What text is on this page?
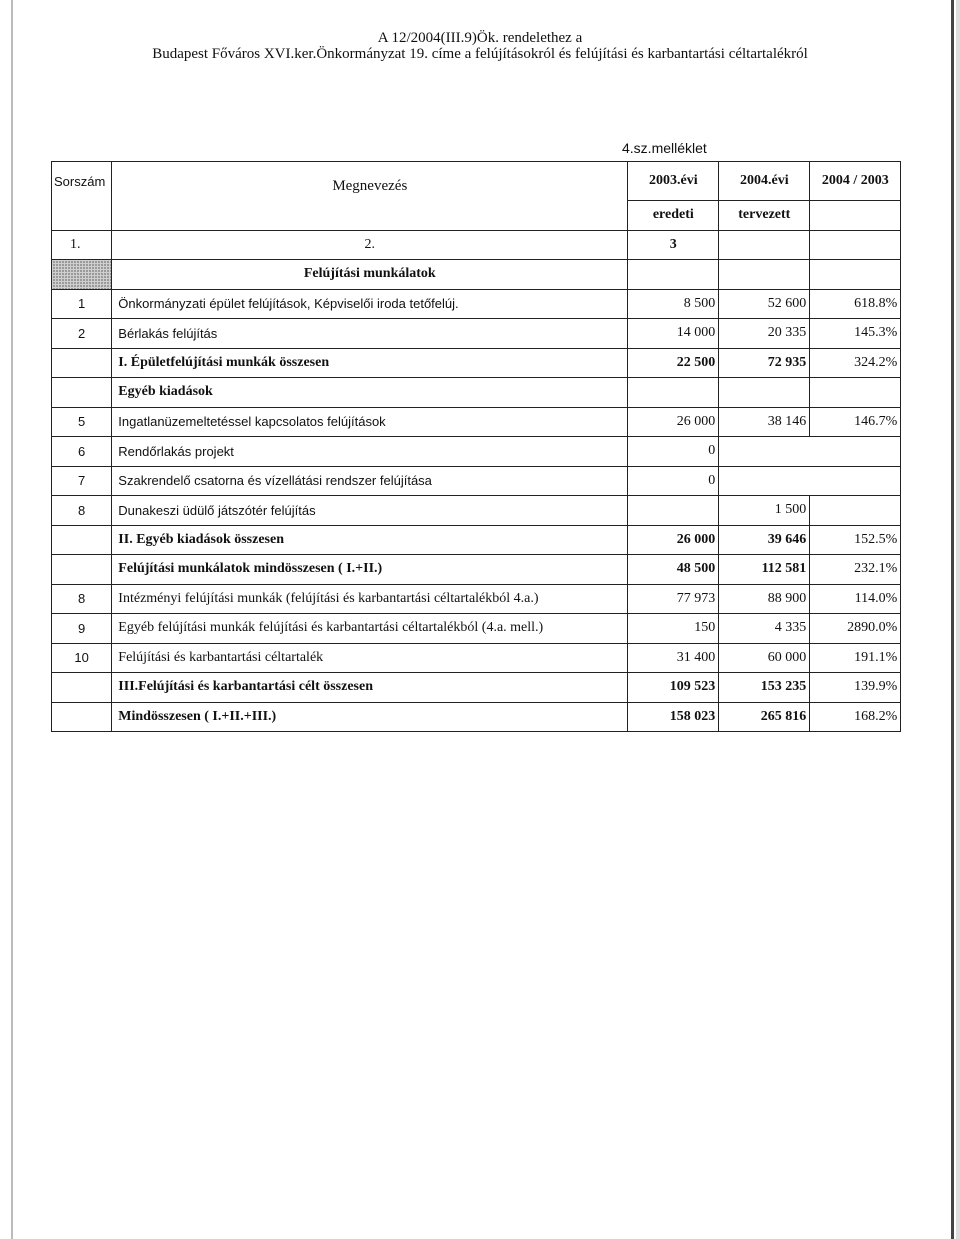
A 12/2004(III.9)Ök. rendelethez a
Budapest Főváros XVI.ker.Önkormányzat 19. címe a felújításokról és felújítási és karbantartási céltartalékról
4.sz.melléklet
Sorszám	Megnevezés	2003.évi	2004.évi	2004 / 2003
		eredeti	tervezett	
1.	2.	3		
	Felújítási munkálatok			
1	Önkormányzati épület felújítások, Képviselői iroda tetőfelúj.	8 500	52 600	618.8%
2	Bérlakás felújítás	14 000	20 335	145.3%
	I. Épületfelújítási munkák összesen	22 500	72 935	324.2%
	Egyéb kiadások			
5	Ingatlanüzemeltetéssel kapcsolatos felújítások	26 000	38 146	146.7%
6	Rendőrlakás projekt	0		
7	Szakrendelő csatorna és vízellátási rendszer felújítása	0		
8	Dunakeszi üdülő játszótér felújítás		1 500	
	II. Egyéb kiadások összesen	26 000	39 646	152.5%
	Felújítási munkálatok mindösszesen ( I.+II.)	48 500	112 581	232.1%
8	Intézményi felújítási munkák (felújítási és karbantartási céltartalékból 4.a.)	77 973	88 900	114.0%
9	Egyéb felújítási munkák felújítási és karbantartási céltartalékból (4.a. mell.)	150	4 335	2890.0%
10	Felújítási és karbantartási céltartalék	31 400	60 000	191.1%
	III.Felújítási és karbantartási célt összesen	109 523	153 235	139.9%
	Mindösszesen ( I.+II.+III.)	158 023	265 816	168.2%
